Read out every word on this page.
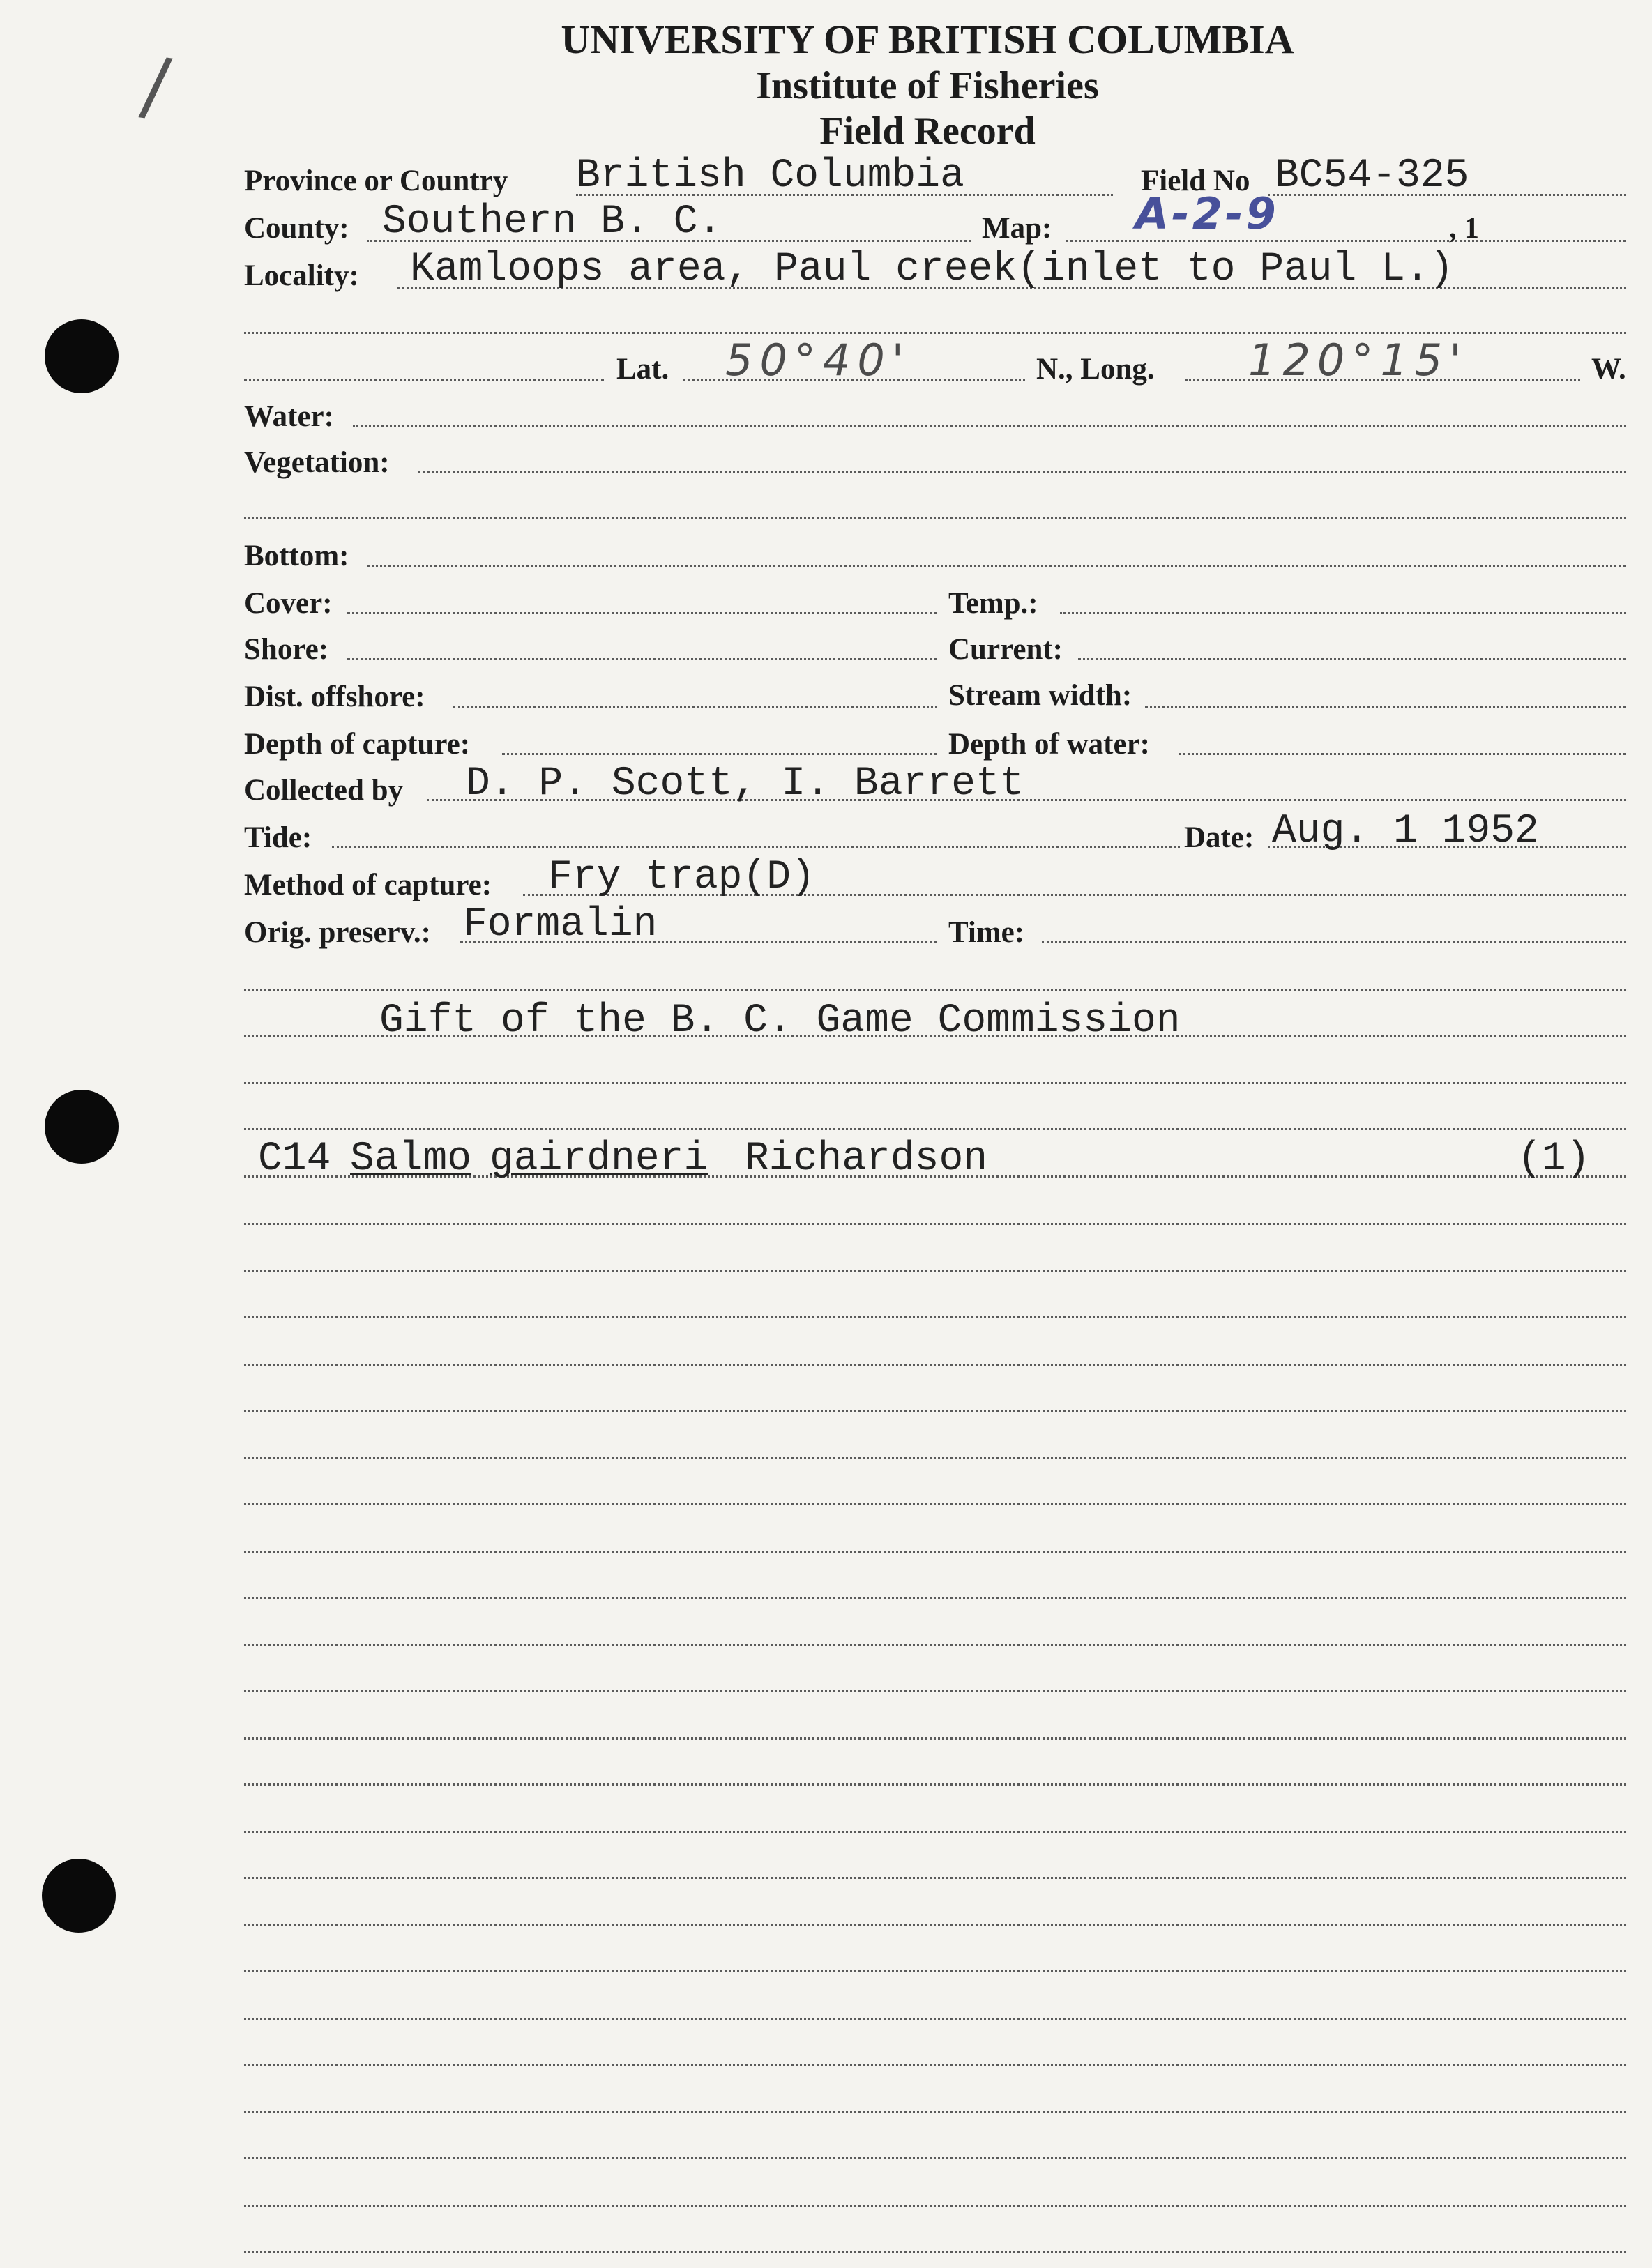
/
UNIVERSITY OF BRITISH COLUMBIA
Institute of Fisheries
Field Record
Province or Country British Columbia	Field No BC54-325
County: Southern B. C.	Map: A-2-9	, 1
Locality: Kamloops area, Paul creek(inlet to Paul L.)
Lat. 50°40'	N., Long. 120°15'	W.
Water:
Vegetation:
Bottom:
Cover:	Temp.:
Shore:	Current:
Dist. offshore:	Stream width:
Depth of capture:	Depth of water:
Collected by D. P. Scott, I. Barrett
Tide:	Date: Aug. 1 1952
Method of capture: Fry trap(D)
Orig. preserv.: Formalin	Time:
Gift of the B. C. Game Commission
C14 Salmo gairdneri Richardson	(1)
